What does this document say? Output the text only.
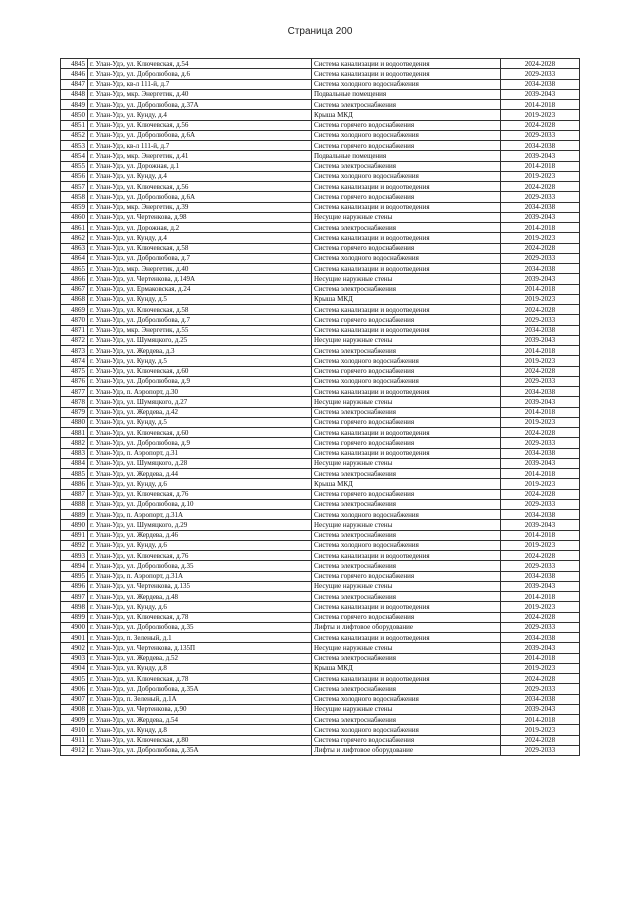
Страница 200
4845	г. Улан-Удэ, ул. Ключевская, д.54	Система канализации и водоотведения	2024-2028
4846	г. Улан-Удэ, ул. Добролюбова, д.6	Система канализации и водоотведения	2029-2033
4847	г. Улан-Удэ, кв-л 111-й, д.7	Система холодного водоснабжения	2034-2038
4848	г. Улан-Удэ, мкр. Энергетик, д.40	Подвальные помещения	2039-2043
4849	г. Улан-Удэ, ул. Добролюбова, д.37А	Система электроснабжения	2014-2018
4850	г. Улан-Удэ, ул. Кунду, д.4	Крыша МКД	2019-2023
4851	г. Улан-Удэ, ул. Ключевская, д.56	Система горячего водоснабжения	2024-2028
4852	г. Улан-Удэ, ул. Добролюбова, д.6А	Система холодного водоснабжения	2029-2033
4853	г. Улан-Удэ, кв-л 111-й, д.7	Система горячего водоснабжения	2034-2038
4854	г. Улан-Удэ, мкр. Энергетик, д.41	Подвальные помещения	2039-2043
4855	г. Улан-Удэ, ул. Дорожная, д.1	Система электроснабжения	2014-2018
4856	г. Улан-Удэ, ул. Кунду, д.4	Система холодного водоснабжения	2019-2023
4857	г. Улан-Удэ, ул. Ключевская, д.56	Система канализации и водоотведения	2024-2028
4858	г. Улан-Удэ, ул. Добролюбова, д.6А	Система горячего водоснабжения	2029-2033
4859	г. Улан-Удэ, мкр. Энергетик, д.39	Система канализации и водоотведения	2034-2038
4860	г. Улан-Удэ, ул. Чертенкова, д.98	Несущие наружные стены	2039-2043
4861	г. Улан-Удэ, ул. Дорожная, д.2	Система электроснабжения	2014-2018
4862	г. Улан-Удэ, ул. Кунду, д.4	Система канализации и водоотведения	2019-2023
4863	г. Улан-Удэ, ул. Ключевская, д.58	Система горячего водоснабжения	2024-2028
4864	г. Улан-Удэ, ул. Добролюбова, д.7	Система холодного водоснабжения	2029-2033
4865	г. Улан-Удэ, мкр. Энергетик, д.40	Система канализации и водоотведения	2034-2038
4866	г. Улан-Удэ, ул. Чертенкова, д.149А	Несущие наружные стены	2039-2043
4867	г. Улан-Удэ, ул. Ермаковская, д.24	Система электроснабжения	2014-2018
4868	г. Улан-Удэ, ул. Кунду, д.5	Крыша МКД	2019-2023
4869	г. Улан-Удэ, ул. Ключевская, д.58	Система канализации и водоотведения	2024-2028
4870	г. Улан-Удэ, ул. Добролюбова, д.7	Система горячего водоснабжения	2029-2033
4871	г. Улан-Удэ, мкр. Энергетик, д.55	Система канализации и водоотведения	2034-2038
4872	г. Улан-Удэ, ул. Шумяцкого, д.25	Несущие наружные стены	2039-2043
4873	г. Улан-Удэ, ул. Жердева, д.3	Система электроснабжения	2014-2018
4874	г. Улан-Удэ, ул. Кунду, д.5	Система холодного водоснабжения	2019-2023
4875	г. Улан-Удэ, ул. Ключевская, д.60	Система горячего водоснабжения	2024-2028
4876	г. Улан-Удэ, ул. Добролюбова, д.9	Система холодного водоснабжения	2029-2033
4877	г. Улан-Удэ, п. Аэропорт, д.30	Система канализации и водоотведения	2034-2038
4878	г. Улан-Удэ, ул. Шумяцкого, д.27	Несущие наружные стены	2039-2043
4879	г. Улан-Удэ, ул. Жердева, д.42	Система электроснабжения	2014-2018
4880	г. Улан-Удэ, ул. Кунду, д.5	Система горячего водоснабжения	2019-2023
4881	г. Улан-Удэ, ул. Ключевская, д.60	Система канализации и водоотведения	2024-2028
4882	г. Улан-Удэ, ул. Добролюбова, д.9	Система горячего водоснабжения	2029-2033
4883	г. Улан-Удэ, п. Аэропорт, д.31	Система канализации и водоотведения	2034-2038
4884	г. Улан-Удэ, ул. Шумяцкого, д.28	Несущие наружные стены	2039-2043
4885	г. Улан-Удэ, ул. Жердева, д.44	Система электроснабжения	2014-2018
4886	г. Улан-Удэ, ул. Кунду, д.6	Крыша МКД	2019-2023
4887	г. Улан-Удэ, ул. Ключевская, д.76	Система горячего водоснабжения	2024-2028
4888	г. Улан-Удэ, ул. Добролюбова, д.10	Система электроснабжения	2029-2033
4889	г. Улан-Удэ, п. Аэропорт, д.31А	Система холодного водоснабжения	2034-2038
4890	г. Улан-Удэ, ул. Шумяцкого, д.29	Несущие наружные стены	2039-2043
4891	г. Улан-Удэ, ул. Жердева, д.46	Система электроснабжения	2014-2018
4892	г. Улан-Удэ, ул. Кунду, д.6	Система холодного водоснабжения	2019-2023
4893	г. Улан-Удэ, ул. Ключевская, д.76	Система канализации и водоотведения	2024-2028
4894	г. Улан-Удэ, ул. Добролюбова, д.35	Система электроснабжения	2029-2033
4895	г. Улан-Удэ, п. Аэропорт, д.31А	Система горячего водоснабжения	2034-2038
4896	г. Улан-Удэ, ул. Чертенкова, д.135	Несущие наружные стены	2039-2043
4897	г. Улан-Удэ, ул. Жердева, д.48	Система электроснабжения	2014-2018
4898	г. Улан-Удэ, ул. Кунду, д.6	Система канализации и водоотведения	2019-2023
4899	г. Улан-Удэ, ул. Ключевская, д.78	Система горячего водоснабжения	2024-2028
4900	г. Улан-Удэ, ул. Добролюбова, д.35	Лифты и лифтовое оборудование	2029-2033
4901	г. Улан-Удэ, п. Зеленый, д.1	Система канализации и водоотведения	2034-2038
4902	г. Улан-Удэ, ул. Чертенкова, д.135П	Несущие наружные стены	2039-2043
4903	г. Улан-Удэ, ул. Жердева, д.52	Система электроснабжения	2014-2018
4904	г. Улан-Удэ, ул. Кунду, д.8	Крыша МКД	2019-2023
4905	г. Улан-Удэ, ул. Ключевская, д.78	Система канализации и водоотведения	2024-2028
4906	г. Улан-Удэ, ул. Добролюбова, д.35А	Система электроснабжения	2029-2033
4907	г. Улан-Удэ, п. Зеленый, д.1А	Система холодного водоснабжения	2034-2038
4908	г. Улан-Удэ, ул. Чертенкова, д.90	Несущие наружные стены	2039-2043
4909	г. Улан-Удэ, ул. Жердева, д.54	Система электроснабжения	2014-2018
4910	г. Улан-Удэ, ул. Кунду, д.8	Система холодного водоснабжения	2019-2023
4911	г. Улан-Удэ, ул. Ключевская, д.80	Система горячего водоснабжения	2024-2028
4912	г. Улан-Удэ, ул. Добролюбова, д.35А	Лифты и лифтовое оборудование	2029-2033
